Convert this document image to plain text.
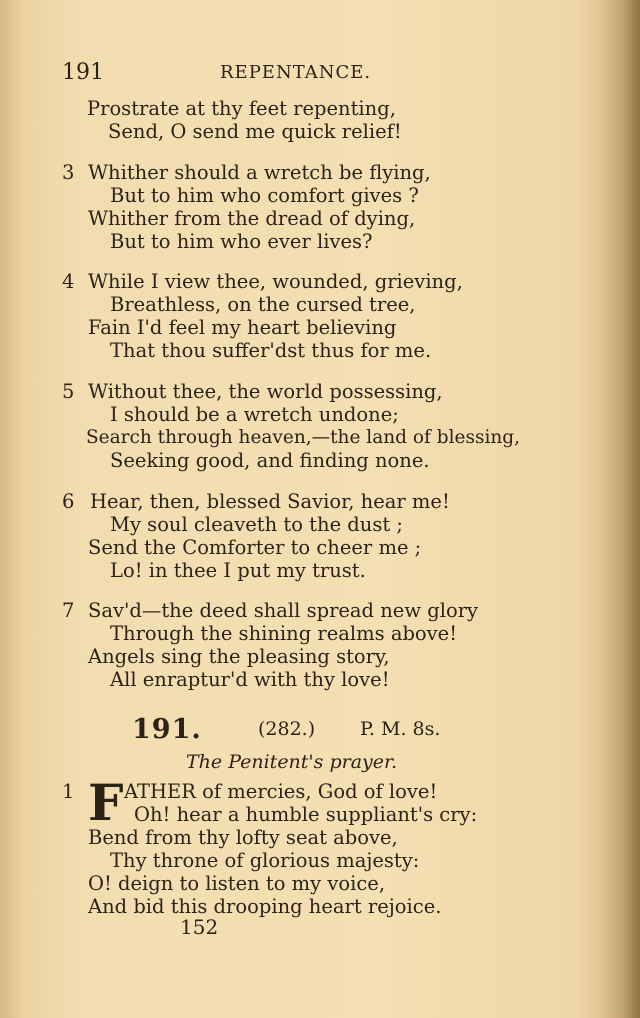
191	REPENTANCE.
Prostrate at thy feet repenting,
Send, O send me quick relief!
3 Whither should a wretch be flying,
But to him who comfort gives ?
Whither from the dread of dying,
But to him who ever lives?
4 While I view thee, wounded, grieving,
Breathless, on the cursed tree,
Fain I'd feel my heart believing
That thou suffer'dst thus for me.
5 Without thee, the world possessing,
I should be a wretch undone;
Search through heaven,—the land of blessing,
Seeking good, and finding none.
6 Hear, then, blessed Savior, hear me!
My soul cleaveth to the dust ;
Send the Comforter to cheer me ;
Lo! in thee I put my trust.
7 Sav'd—the deed shall spread new glory
Through the shining realms above!
Angels sing the pleasing story,
All enraptur'd with thy love!
191.	(282.) P. M. 8s.
The Penitent's prayer.
1 F ATHER of mercies, God of love!
Oh! hear a humble suppliant's cry:
Bend from thy lofty seat above,
Thy throne of glorious majesty:
O! deign to listen to my voice,
And bid this drooping heart rejoice.
152
